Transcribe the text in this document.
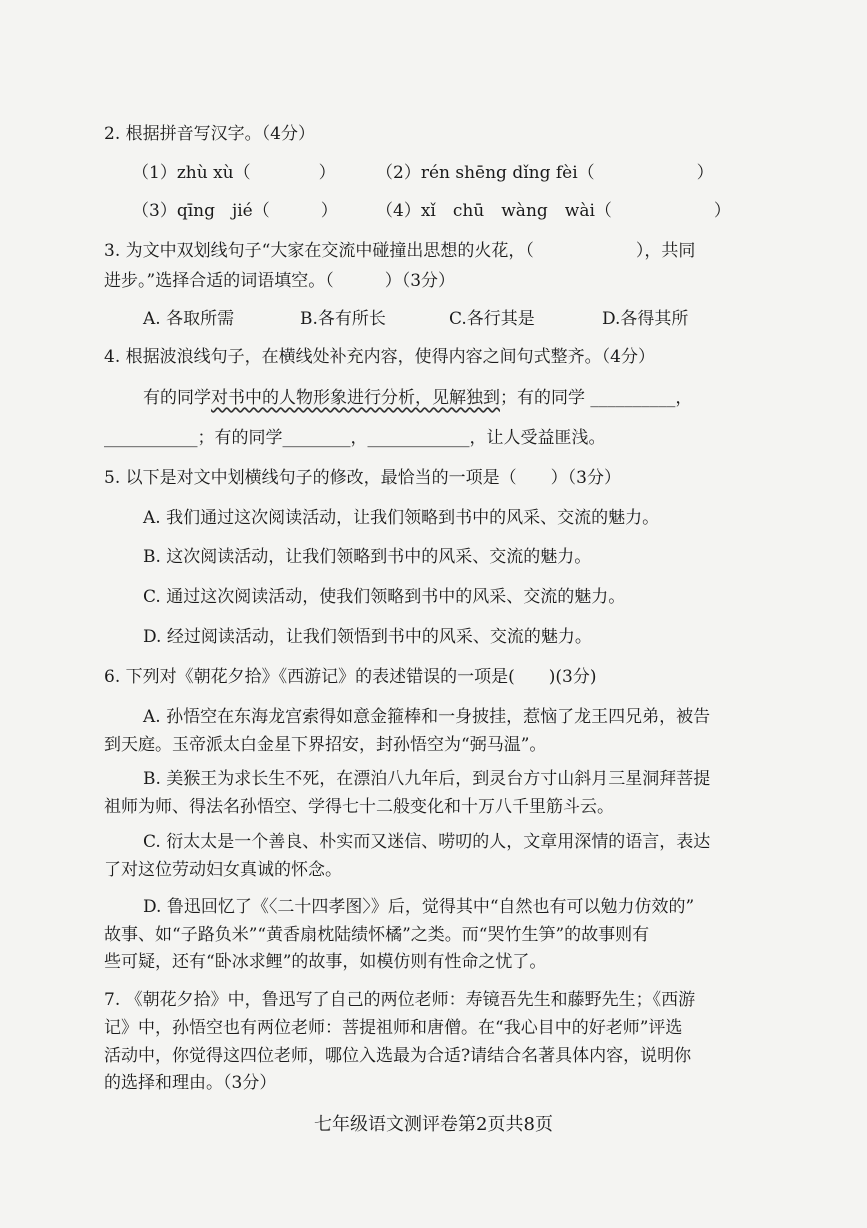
2. 根据拼音写汉字。（4分）
（1）zhù xù（　　　　） （2）rén shēng dǐng fèi（　　　　　　）
（3）qīng　jié（　　　） （4）xǐ　chū　wàng　wài（　　　　　　）
3. 为文中双划线句子“大家在交流中碰撞出思想的火花，（　　　　　　），共同
进步。”选择合适的词语填空。（　　　）（3分）
A. 各取所需	B.各有所长	C.各行其是	D.各得其所
4. 根据波浪线句子，在横线处补充内容，使得内容之间句式整齐。（4分）
有的同学对书中的人物形象进行分析，见解独到；有的同学 __________，
___________；有的同学________，____________，让人受益匪浅。
5. 以下是对文中划横线句子的修改，最恰当的一项是（　　）（3分）
A. 我们通过这次阅读活动，让我们领略到书中的风采、交流的魅力。
B. 这次阅读活动，让我们领略到书中的风采、交流的魅力。
C. 通过这次阅读活动，使我们领略到书中的风采、交流的魅力。
D. 经过阅读活动，让我们领悟到书中的风采、交流的魅力。
6. 下列对《朝花夕拾》《西游记》的表述错误的一项是(　　)(3分)
A. 孙悟空在东海龙宫索得如意金箍棒和一身披挂，惹恼了龙王四兄弟，被告
到天庭。玉帝派太白金星下界招安，封孙悟空为“弼马温”。
B. 美猴王为求长生不死，在漂泊八九年后，到灵台方寸山斜月三星洞拜菩提
祖师为师、得法名孙悟空、学得七十二般变化和十万八千里筋斗云。
C. 衍太太是一个善良、朴实而又迷信、唠叨的人，文章用深情的语言，表达
了对这位劳动妇女真诚的怀念。
D. 鲁迅回忆了《〈二十四孝图〉》后，觉得其中“自然也有可以勉力仿效的”
故事、如“子路负米”“黄香扇枕陆绩怀橘”之类。而“哭竹生笋”的故事则有
些可疑，还有“卧冰求鲤”的故事，如模仿则有性命之忧了。
7. 《朝花夕拾》中，鲁迅写了自己的两位老师：寿镜吾先生和藤野先生；《西游
记》中，孙悟空也有两位老师：菩提祖师和唐僧。在“我心目中的好老师”评选
活动中，你觉得这四位老师，哪位入选最为合适?请结合名著具体内容，说明你
的选择和理由。（3分）
七年级语文测评卷第2页共8页
